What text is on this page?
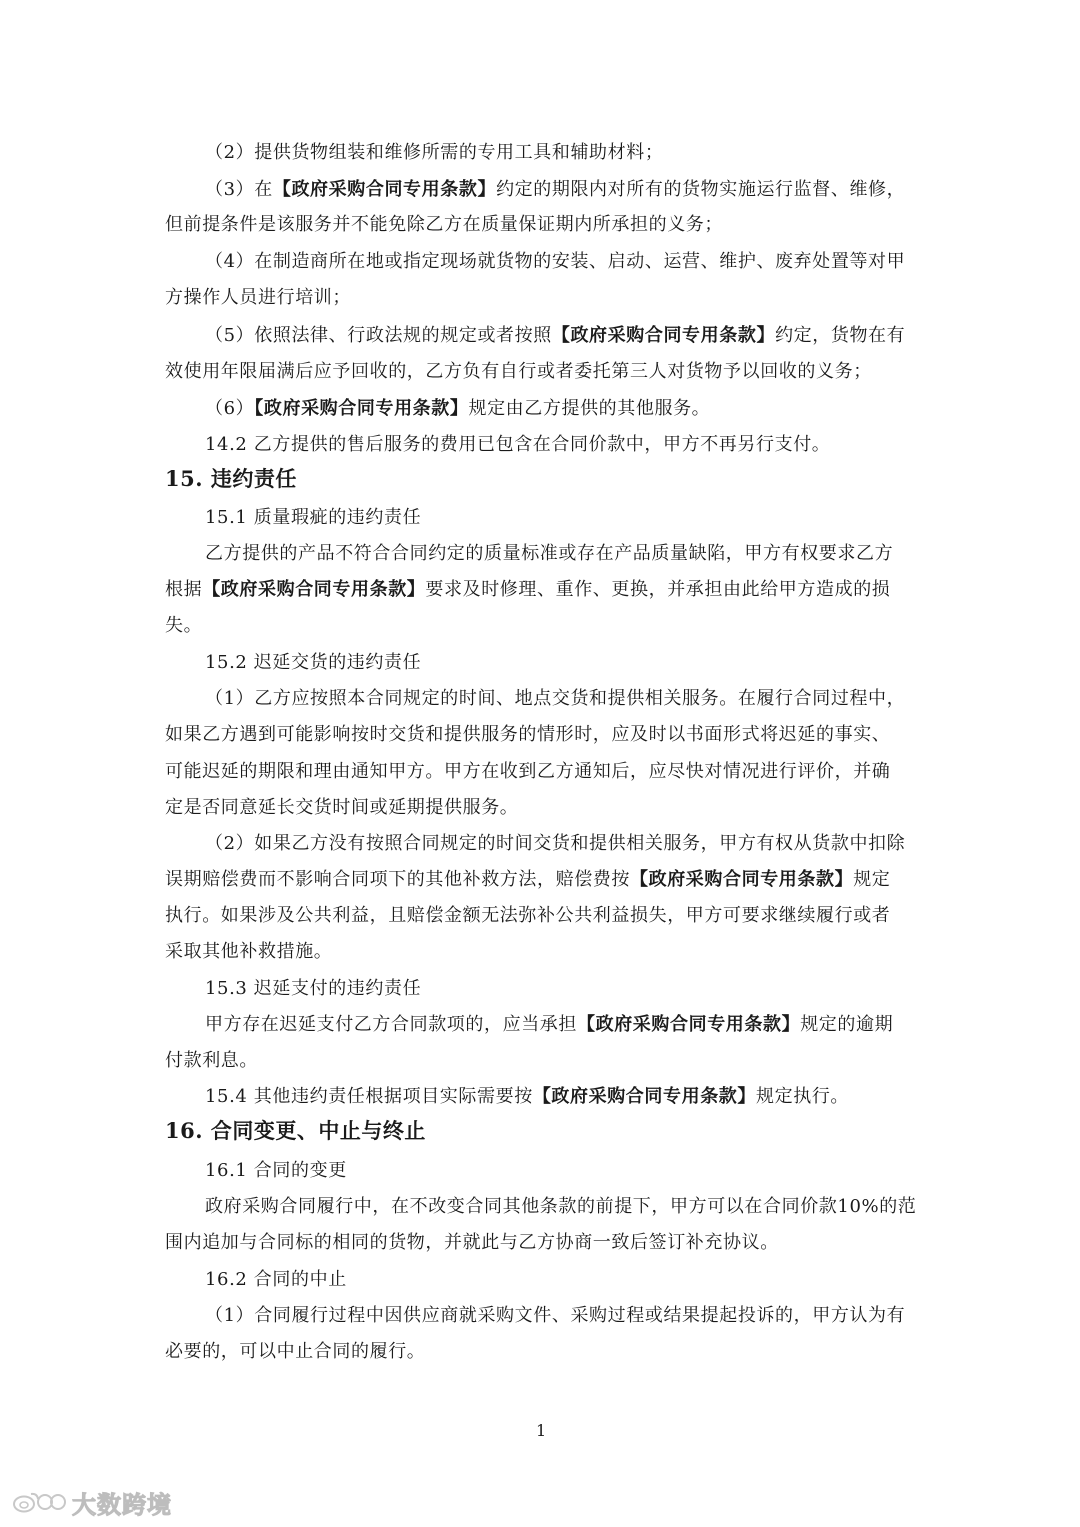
（2）提供货物组装和维修所需的专用工具和辅助材料；
（3）在【政府采购合同专用条款】约定的期限内对所有的货物实施运行监督、维修，
但前提条件是该服务并不能免除乙方在质量保证期内所承担的义务；
（4）在制造商所在地或指定现场就货物的安装、启动、运营、维护、废弃处置等对甲
方操作人员进行培训；
（5）依照法律、行政法规的规定或者按照【政府采购合同专用条款】约定，货物在有
效使用年限届满后应予回收的，乙方负有自行或者委托第三人对货物予以回收的义务；
（6）【政府采购合同专用条款】规定由乙方提供的其他服务。
14.2 乙方提供的售后服务的费用已包含在合同价款中，甲方不再另行支付。
15. 违约责任
15.1 质量瑕疵的违约责任
乙方提供的产品不符合合同约定的质量标准或存在产品质量缺陷，甲方有权要求乙方
根据【政府采购合同专用条款】要求及时修理、重作、更换，并承担由此给甲方造成的损
失。
15.2 迟延交货的违约责任
（1）乙方应按照本合同规定的时间、地点交货和提供相关服务。在履行合同过程中，
如果乙方遇到可能影响按时交货和提供服务的情形时，应及时以书面形式将迟延的事实、
可能迟延的期限和理由通知甲方。甲方在收到乙方通知后，应尽快对情况进行评价，并确
定是否同意延长交货时间或延期提供服务。
（2）如果乙方没有按照合同规定的时间交货和提供相关服务，甲方有权从货款中扣除
误期赔偿费而不影响合同项下的其他补救方法，赔偿费按【政府采购合同专用条款】规定
执行。如果涉及公共利益，且赔偿金额无法弥补公共利益损失，甲方可要求继续履行或者
采取其他补救措施。
15.3 迟延支付的违约责任
甲方存在迟延支付乙方合同款项的，应当承担【政府采购合同专用条款】规定的逾期
付款利息。
15.4 其他违约责任根据项目实际需要按【政府采购合同专用条款】规定执行。
16. 合同变更、中止与终止
16.1 合同的变更
政府采购合同履行中，在不改变合同其他条款的前提下，甲方可以在合同价款10%的范
围内追加与合同标的相同的货物，并就此与乙方协商一致后签订补充协议。
16.2 合同的中止
（1）合同履行过程中因供应商就采购文件、采购过程或结果提起投诉的，甲方认为有
必要的，可以中止合同的履行。
1
大数跨境
